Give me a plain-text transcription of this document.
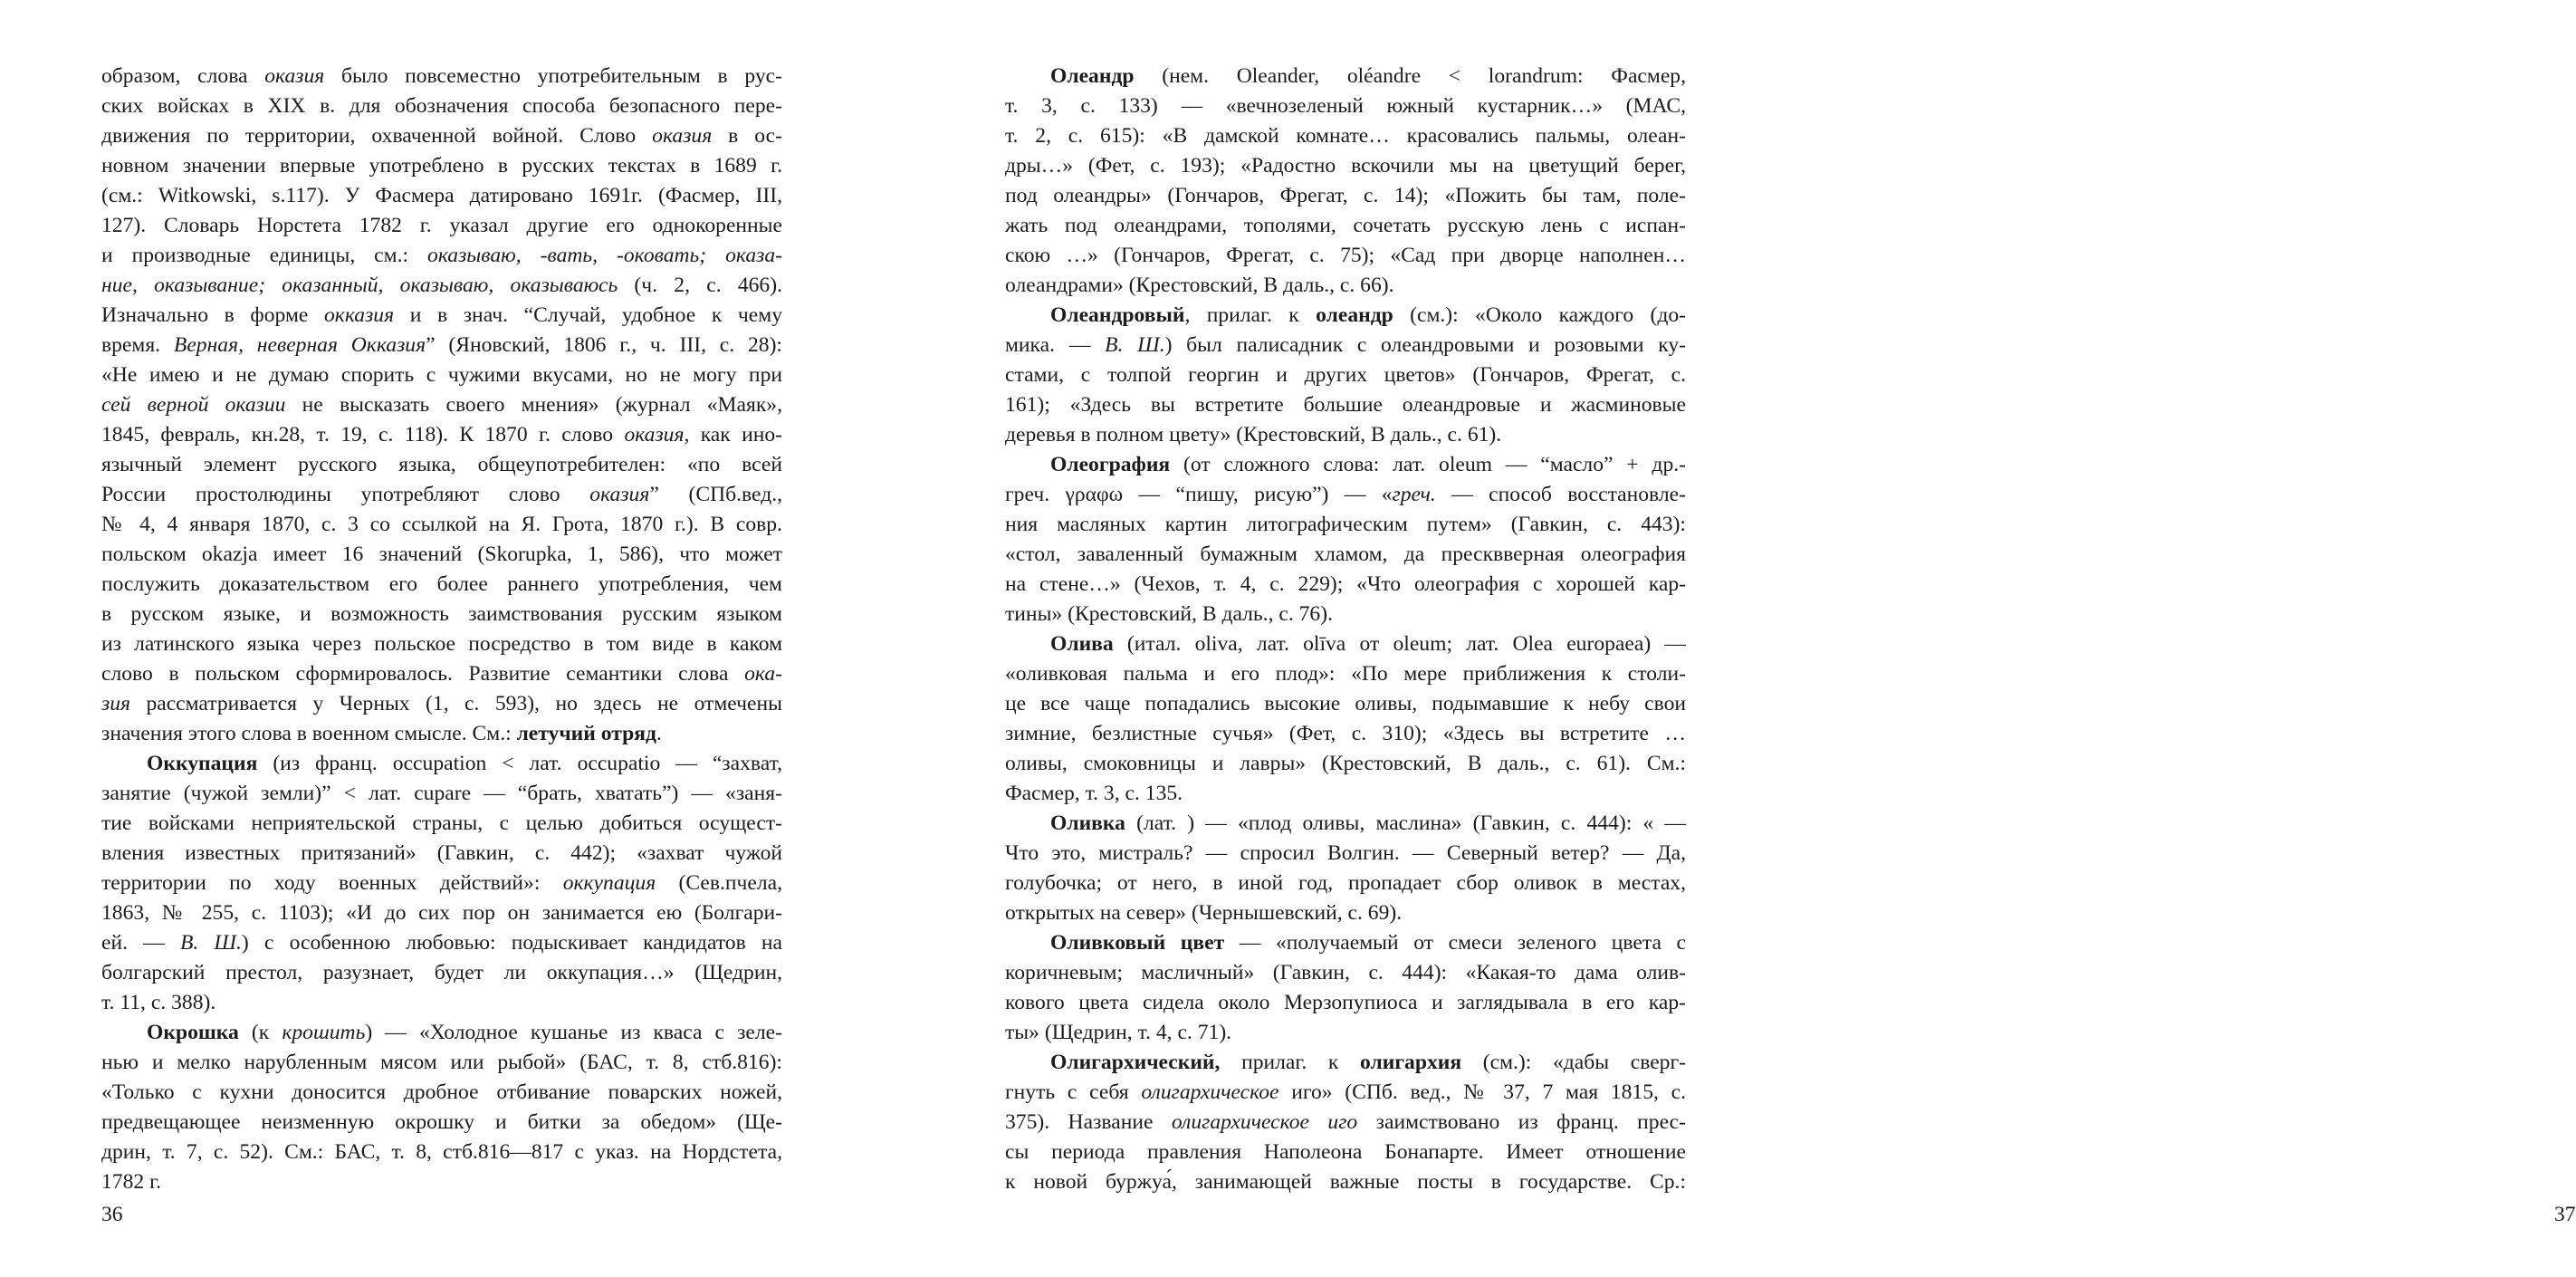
образом, слова оказия было повсеместно употребительным в рус-
ских войсках в XIX в. для обозначения способа безопасного пере-
движения по территории, охваченной войной. Слово оказия в ос-
новном значении впервые употреблено в русских текстах в 1689 г.
(см.: Witkowski, s.117). У Фасмера датировано 1691г. (Фасмер, III,
127). Словарь Норстета 1782 г. указал другие его однокоренные
и производные единицы, см.: оказываю, -вать, -оковать; оказа-
ние, оказывание; оказанный, оказываю, оказываюсь (ч. 2, с. 466).
Изначально в форме окказия и в знач. “Случай, удобное к чему
время. Верная, неверная Окказия” (Яновский, 1806 г., ч. III, с. 28):
«Не имею и не думаю спорить с чужими вкусами, но не могу при
сей верной оказии не высказать своего мнения» (журнал «Маяк»,
1845, февраль, кн.28, т. 19, с. 118). К 1870 г. слово оказия, как ино-
язычный элемент русского языка, общеупотребителен: «по всей
России простолюдины употребляют слово оказия” (СПб.вед.,
№ 4, 4 января 1870, с. 3 со ссылкой на Я. Грота, 1870 г.). В совр.
польском okazja имеет 16 значений (Skorupka, 1, 586), что может
послужить доказательством его более раннего употребления, чем
в русском языке, и возможность заимствования русским языком
из латинского языка через польское посредство в том виде в каком
слово в польском сформировалось. Развитие семантики слова ока-
зия рассматривается у Черных (1, с. 593), но здесь не отмечены
значения этого слова в военном смысле. См.: летучий отряд.
Оккупация (из франц. occupation < лат. occupatio — “захват,
занятие (чужой земли)” < лат. cupare — “брать, хватать”) — «заня-
тие войсками неприятельской страны, с целью добиться осущест-
вления известных притязаний» (Гавкин, с. 442); «захват чужой
территории по ходу военных действий»: оккупация (Сев.пчела,
1863, № 255, с. 1103); «И до сих пор он занимается ею (Болгари-
ей. — В. Ш.) с особенною любовью: подыскивает кандидатов на
болгарский престол, разузнает, будет ли оккупация…» (Щедрин,
т. 11, с. 388).
Окрошка (к крошить) — «Холодное кушанье из кваса с зеле-
нью и мелко нарубленным мясом или рыбой» (БАС, т. 8, стб.816):
«Только с кухни доносится дробное отбивание поварских ножей,
предвещающее неизменную окрошку и битки за обедом» (Ще-
дрин, т. 7, с. 52). См.: БАС, т. 8, стб.816—817 с указ. на Нордстета,
1782 г.
36
Олеандр (нем. Oleander, oléandre < lorandrum: Фасмер,
т. 3, с. 133) — «вечнозеленый южный кустарник…» (МАС,
т. 2, с. 615): «В дамской комнате… красовались пальмы, олеан-
дры…» (Фет, с. 193); «Радостно вскочили мы на цветущий берег,
под олеандры» (Гончаров, Фрегат, с. 14); «Пожить бы там, поле-
жать под олеандрами, тополями, сочетать русскую лень с испан-
скою …» (Гончаров, Фрегат, с. 75); «Сад при дворце наполнен…
олеандрами» (Крестовский, В даль., с. 66).
Олеандровый, прилаг. к олеандр (см.): «Около каждого (до-
мика. — В. Ш.) был палисадник с олеандровыми и розовыми ку-
стами, с толпой георгин и других цветов» (Гончаров, Фрегат, с.
161); «Здесь вы встретите большие олеандровые и жасминовые
деревья в полном цвету» (Крестовский, В даль., с. 61).
Олеография (от сложного слова: лат. oleum — “масло” + др.-
греч. γραφω — “пишу, рисую”) — «греч. — способ восстановле-
ния масляных картин литографическим путем» (Гавкин, с. 443):
«стол, заваленный бумажным хламом, да пресквверная олеография
на стене…» (Чехов, т. 4, с. 229); «Что олеография с хорошей кар-
тины» (Крестовский, В даль., с. 76).
Олива (итал. oliva, лат. olīva от oleum; лат. Olea europaea) —
«оливковая пальма и его плод»: «По мере приближения к столи-
це все чаще попадались высокие оливы, подымавшие к небу свои
зимние, безлистные сучья» (Фет, с. 310); «Здесь вы встретите …
оливы, смоковницы и лавры» (Крестовский, В даль., с. 61). См.:
Фасмер, т. 3, с. 135.
Оливка (лат. ) — «плод оливы, маслина» (Гавкин, с. 444): « —
Что это, мистраль? — спросил Волгин. — Северный ветер? — Да,
голубочка; от него, в иной год, пропадает сбор оливок в местах,
открытых на север» (Чернышевский, с. 69).
Оливковый цвет — «получаемый от смеси зеленого цвета с
коричневым; масличный» (Гавкин, с. 444): «Какая-то дама олив-
кового цвета сидела около Мерзопупиоса и заглядывала в его кар-
ты» (Щедрин, т. 4, с. 71).
Олигархический, прилаг. к олигархия (см.): «дабы сверг-
гнуть с себя олигархическое иго» (СПб. вед., № 37, 7 мая 1815, с.
375). Название олигархическое иго заимствовано из франц. прес-
сы периода правления Наполеона Бонапарте. Имеет отношение
к новой буржуа́, занимающей важные посты в государстве. Ср.:
37
